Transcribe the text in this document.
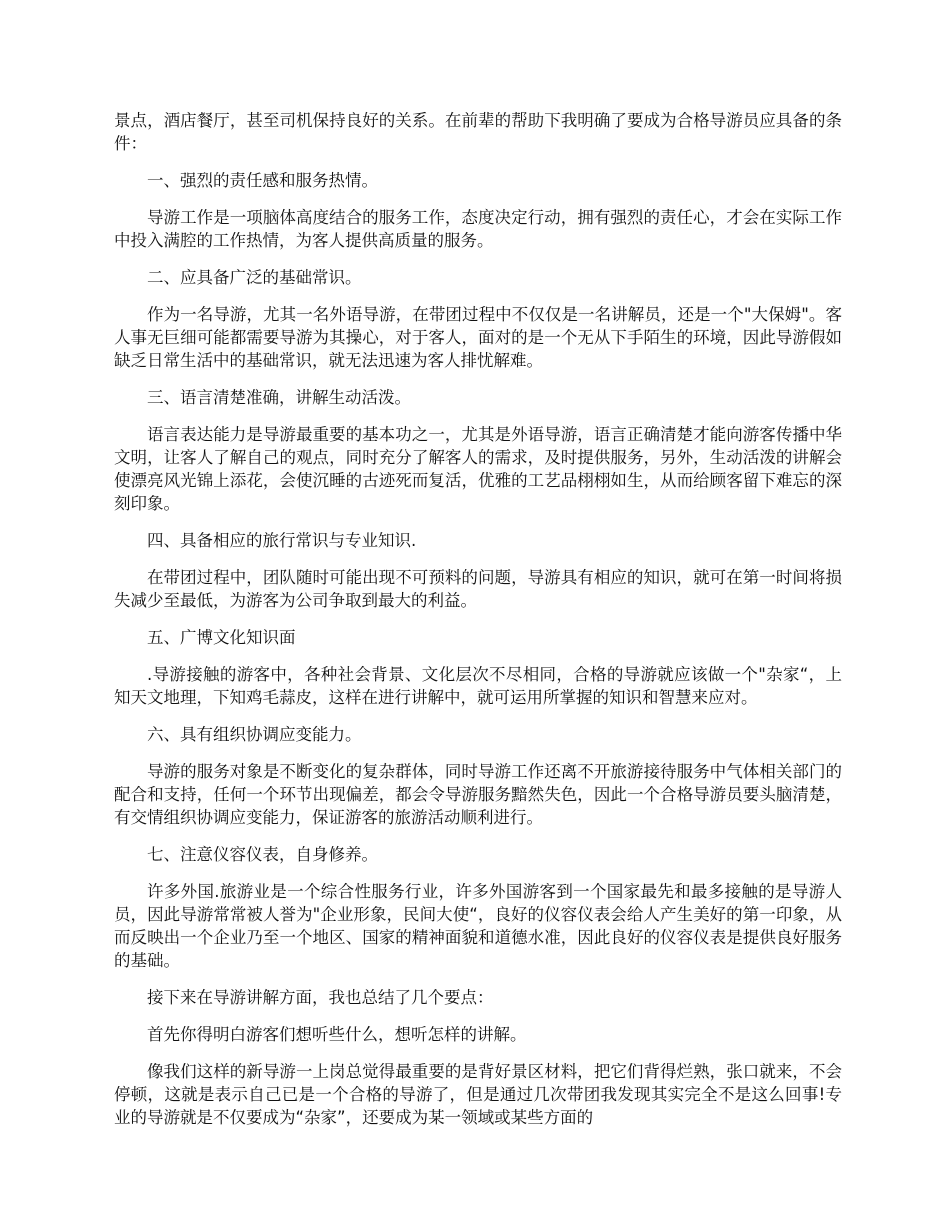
景点，酒店餐厅，甚至司机保持良好的关系。在前辈的帮助下我明确了要成为合格导游员应具备的条件：

一、强烈的责任感和服务热情。

导游工作是一项脑体高度结合的服务工作，态度决定行动，拥有强烈的责任心，才会在实际工作中投入满腔的工作热情，为客人提供高质量的服务。

二、应具备广泛的基础常识。

作为一名导游，尤其一名外语导游，在带团过程中不仅仅是一名讲解员，还是一个"大保姆"。客人事无巨细可能都需要导游为其操心，对于客人，面对的是一个无从下手陌生的环境，因此导游假如缺乏日常生活中的基础常识，就无法迅速为客人排忧解难。

三、语言清楚准确，讲解生动活泼。

语言表达能力是导游最重要的基本功之一，尤其是外语导游，语言正确清楚才能向游客传播中华文明，让客人了解自己的观点，同时充分了解客人的需求，及时提供服务，另外，生动活泼的讲解会使漂亮风光锦上添花，会使沉睡的古迹死而复活，优雅的工艺品栩栩如生，从而给顾客留下难忘的深刻印象。

四、具备相应的旅行常识与专业知识.

在带团过程中，团队随时可能出现不可预料的问题，导游具有相应的知识，就可在第一时间将损失减少至最低，为游客为公司争取到最大的利益。

五、广博文化知识面

.导游接触的游客中，各种社会背景、文化层次不尽相同，合格的导游就应该做一个"杂家“，上知天文地理，下知鸡毛蒜皮，这样在进行讲解中，就可运用所掌握的知识和智慧来应对。

六、具有组织协调应变能力。

导游的服务对象是不断变化的复杂群体，同时导游工作还离不开旅游接待服务中气体相关部门的配合和支持，任何一个环节出现偏差，都会令导游服务黯然失色，因此一个合格导游员要头脑清楚，有交情组织协调应变能力，保证游客的旅游活动顺利进行。

七、注意仪容仪表，自身修养。

许多外国.旅游业是一个综合性服务行业，许多外国游客到一个国家最先和最多接触的是导游人员，因此导游常常被人誉为"企业形象，民间大使“，良好的仪容仪表会给人产生美好的第一印象，从而反映出一个企业乃至一个地区、国家的精神面貌和道德水准，因此良好的仪容仪表是提供良好服务的基础。

接下来在导游讲解方面，我也总结了几个要点：

首先你得明白游客们想听些什么，想听怎样的讲解。

像我们这样的新导游一上岗总觉得最重要的是背好景区材料，把它们背得烂熟，张口就来，不会停顿，这就是表示自己已是一个合格的导游了，但是通过几次带团我发现其实完全不是这么回事!专业的导游就是不仅要成为“杂家”，还要成为某一领域或某些方面的
